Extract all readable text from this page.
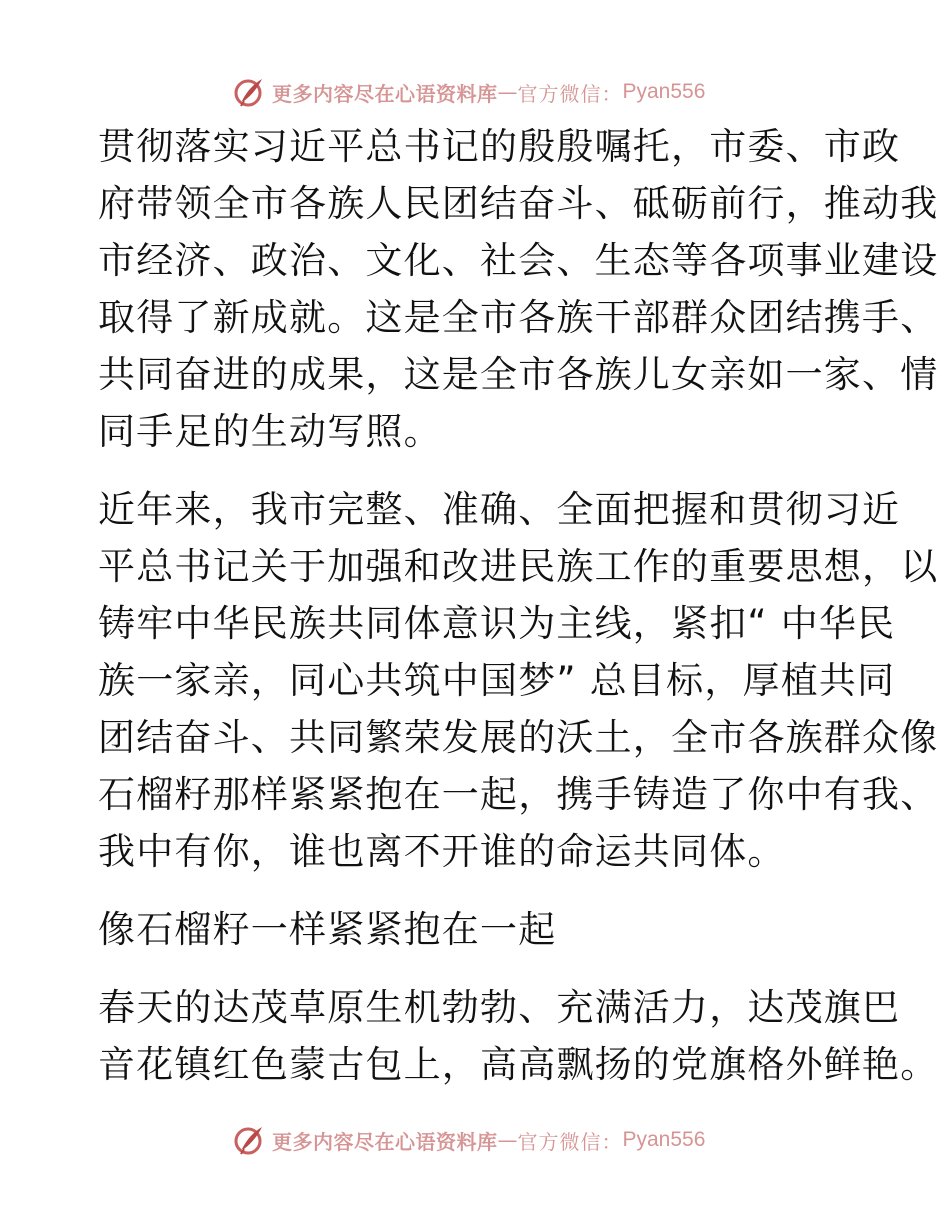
更多内容尽在心语资料库 — 官方微信： Pyan556

贯彻落实习近平总书记的殷殷嘱托，市委、市政
府带领全市各族人民团结奋斗、砥砺前行，推动我
市经济、政治、文化、社会、生态等各项事业建设
取得了新成就。这是全市各族干部群众团结携手、
共同奋进的成果，这是全市各族儿女亲如一家、情
同手足的生动写照。

近年来，我市完整、准确、全面把握和贯彻习近
平总书记关于加强和改进民族工作的重要思想，以
铸牢中华民族共同体意识为主线，紧扣“ 中华民
族一家亲，同心共筑中国梦” 总目标，厚植共同
团结奋斗、共同繁荣发展的沃土，全市各族群众像
石榴籽那样紧紧抱在一起，携手铸造了你中有我、
我中有你，谁也离不开谁的命运共同体。

像石榴籽一样紧紧抱在一起

春天的达茂草原生机勃勃、充满活力，达茂旗巴
音花镇红色蒙古包上，高高飘扬的党旗格外鲜艳。

更多内容尽在心语资料库 — 官方微信： Pyan556
